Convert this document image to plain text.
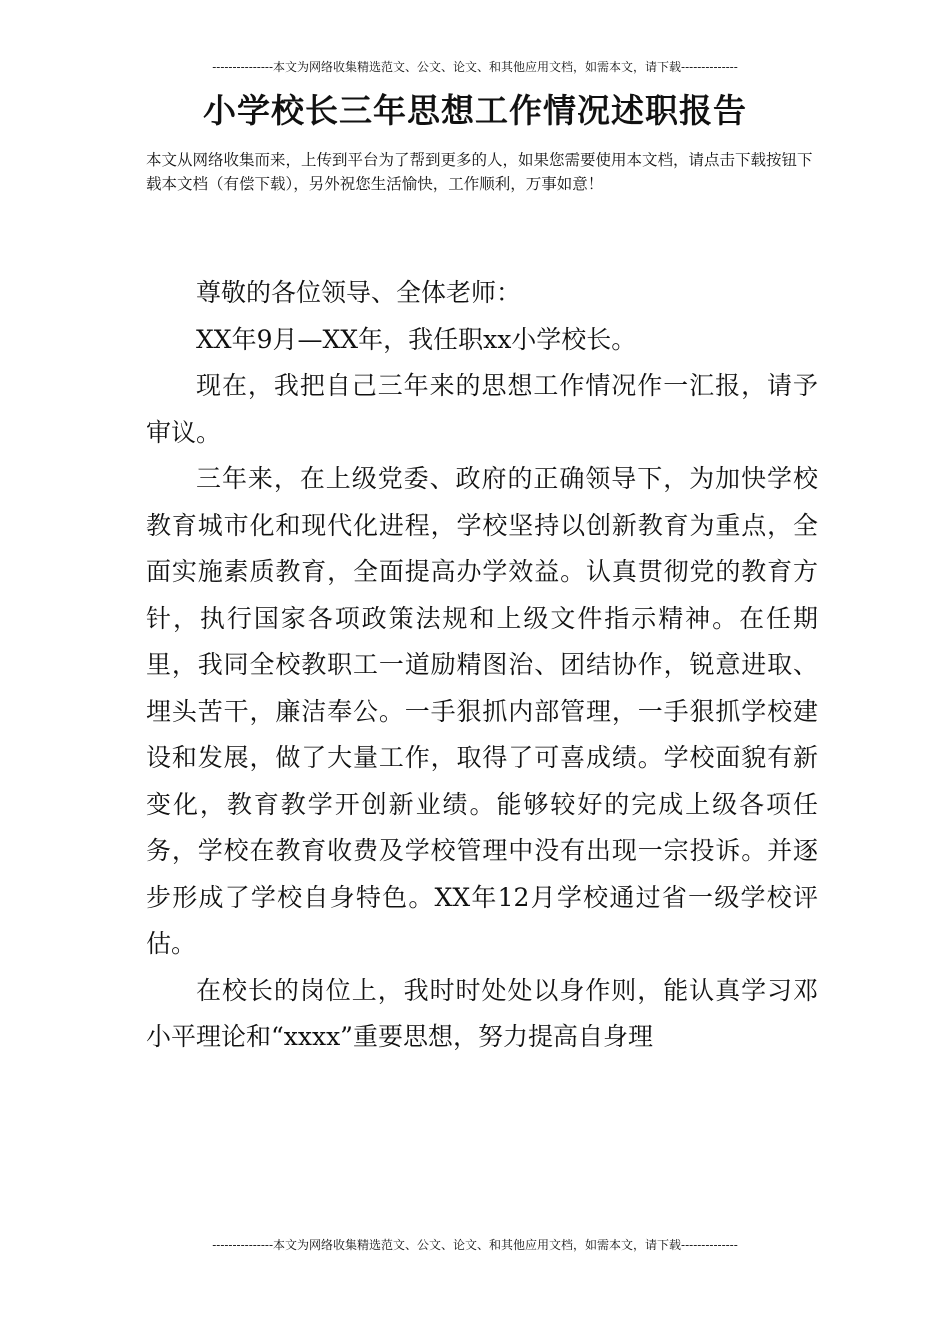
---------------本文为网络收集精选范文、公文、论文、和其他应用文档，如需本文，请下载--------------
小学校长三年思想工作情况述职报告

本文从网络收集而来，上传到平台为了帮到更多的人，如果您需要使用本文档，请点击下载按钮下载本文档（有偿下载），另外祝您生活愉快，工作顺利，万事如意！

尊敬的各位领导、全体老师：

XX年9月—XX年，我任职xx小学校长。

现在，我把自己三年来的思想工作情况作一汇报，请予审议。

三年来，在上级党委、政府的正确领导下，为加快学校教育城市化和现代化进程，学校坚持以创新教育为重点，全面实施素质教育，全面提高办学效益。认真贯彻党的教育方针，执行国家各项政策法规和上级文件指示精神。在任期里，我同全校教职工一道励精图治、团结协作，锐意进取、埋头苦干，廉洁奉公。一手狠抓内部管理，一手狠抓学校建设和发展，做了大量工作，取得了可喜成绩。学校面貌有新变化，教育教学开创新业绩。能够较好的完成上级各项任务，学校在教育收费及学校管理中没有出现一宗投诉。并逐步形成了学校自身特色。XX年12月学校通过省一级学校评估。

在校长的岗位上，我时时处处以身作则，能认真学习邓小平理论和“xxxx”重要思想，努力提高自身理

---------------本文为网络收集精选范文、公文、论文、和其他应用文档，如需本文，请下载--------------
